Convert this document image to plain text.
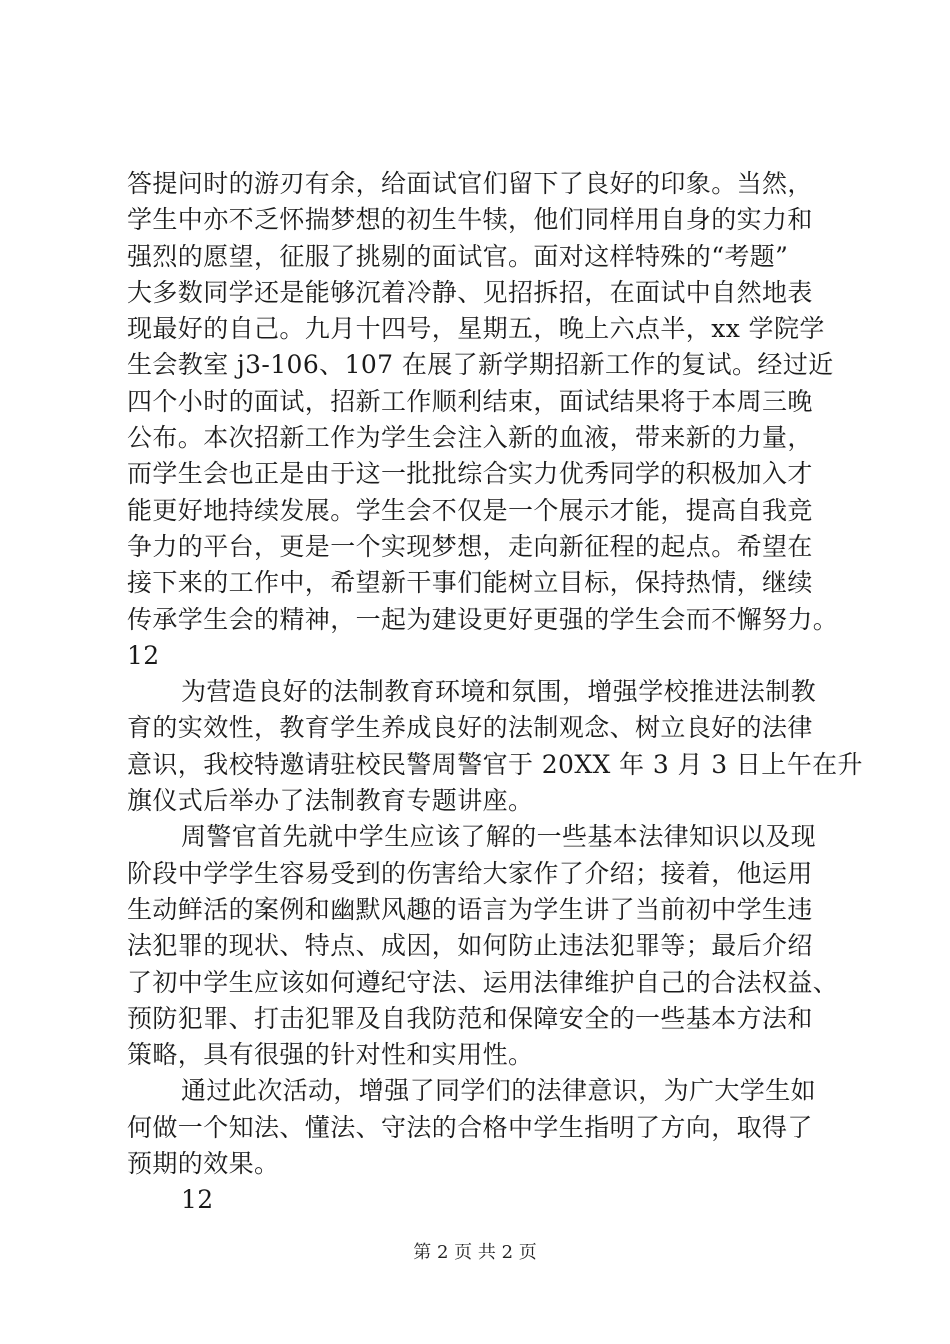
答提问时的游刃有余，给面试官们留下了良好的印象。当然，
学生中亦不乏怀揣梦想的初生牛犊，他们同样用自身的实力和
强烈的愿望，征服了挑剔的面试官。面对这样特殊的“考题”
大多数同学还是能够沉着冷静、见招拆招，在面试中自然地表
现最好的自己。九月十四号，星期五，晚上六点半，xx 学院学
生会教室 j3-106、107 在展了新学期招新工作的复试。经过近
四个小时的面试，招新工作顺利结束，面试结果将于本周三晚
公布。本次招新工作为学生会注入新的血液，带来新的力量，
而学生会也正是由于这一批批综合实力优秀同学的积极加入才
能更好地持续发展。学生会不仅是一个展示才能，提高自我竞
争力的平台，更是一个实现梦想，走向新征程的起点。希望在
接下来的工作中，希望新干事们能树立目标，保持热情，继续
传承学生会的精神，一起为建设更好更强的学生会而不懈努力。
12
为营造良好的法制教育环境和氛围，增强学校推进法制教
育的实效性，教育学生养成良好的法制观念、树立良好的法律
意识，我校特邀请驻校民警周警官于 20XX 年 3 月 3 日上午在升
旗仪式后举办了法制教育专题讲座。
周警官首先就中学生应该了解的一些基本法律知识以及现
阶段中学学生容易受到的伤害给大家作了介绍；接着，他运用
生动鲜活的案例和幽默风趣的语言为学生讲了当前初中学生违
法犯罪的现状、特点、成因，如何防止违法犯罪等；最后介绍
了初中学生应该如何遵纪守法、运用法律维护自己的合法权益、
预防犯罪、打击犯罪及自我防范和保障安全的一些基本方法和
策略，具有很强的针对性和实用性。
通过此次活动，增强了同学们的法律意识，为广大学生如
何做一个知法、懂法、守法的合格中学生指明了方向，取得了
预期的效果。
12
第 2 页 共 2 页
